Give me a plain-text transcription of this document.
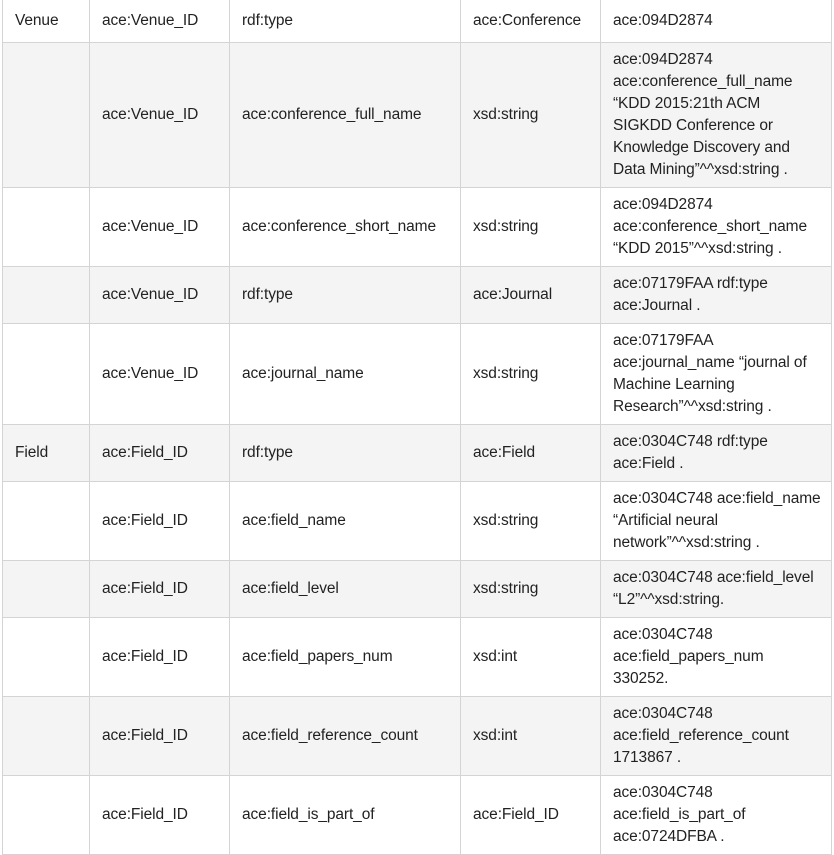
Venue	ace:Venue_ID	rdf:type	ace:Conference	ace:094D2874
	ace:Venue_ID	ace:conference_full_name	xsd:string	ace:094D2874 ace:conference_full_name “KDD 2015:21th ACM SIGKDD Conference or Knowledge Discovery and Data Mining”^^xsd:string .
	ace:Venue_ID	ace:conference_short_name	xsd:string	ace:094D2874 ace:conference_short_name “KDD 2015”^^xsd:string .
	ace:Venue_ID	rdf:type	ace:Journal	ace:07179FAA rdf:type ace:Journal .
	ace:Venue_ID	ace:journal_name	xsd:string	ace:07179FAA ace:journal_name “journal of Machine Learning Research”^^xsd:string .
Field	ace:Field_ID	rdf:type	ace:Field	ace:0304C748 rdf:type ace:Field .
	ace:Field_ID	ace:field_name	xsd:string	ace:0304C748 ace:field_name “Artificial neural network”^^xsd:string .
	ace:Field_ID	ace:field_level	xsd:string	ace:0304C748 ace:field_level “L2”^^xsd:string.
	ace:Field_ID	ace:field_papers_num	xsd:int	ace:0304C748 ace:field_papers_num 330252.
	ace:Field_ID	ace:field_reference_count	xsd:int	ace:0304C748 ace:field_reference_count 1713867 .
	ace:Field_ID	ace:field_is_part_of	ace:Field_ID	ace:0304C748 ace:field_is_part_of ace:0724DFBA .
